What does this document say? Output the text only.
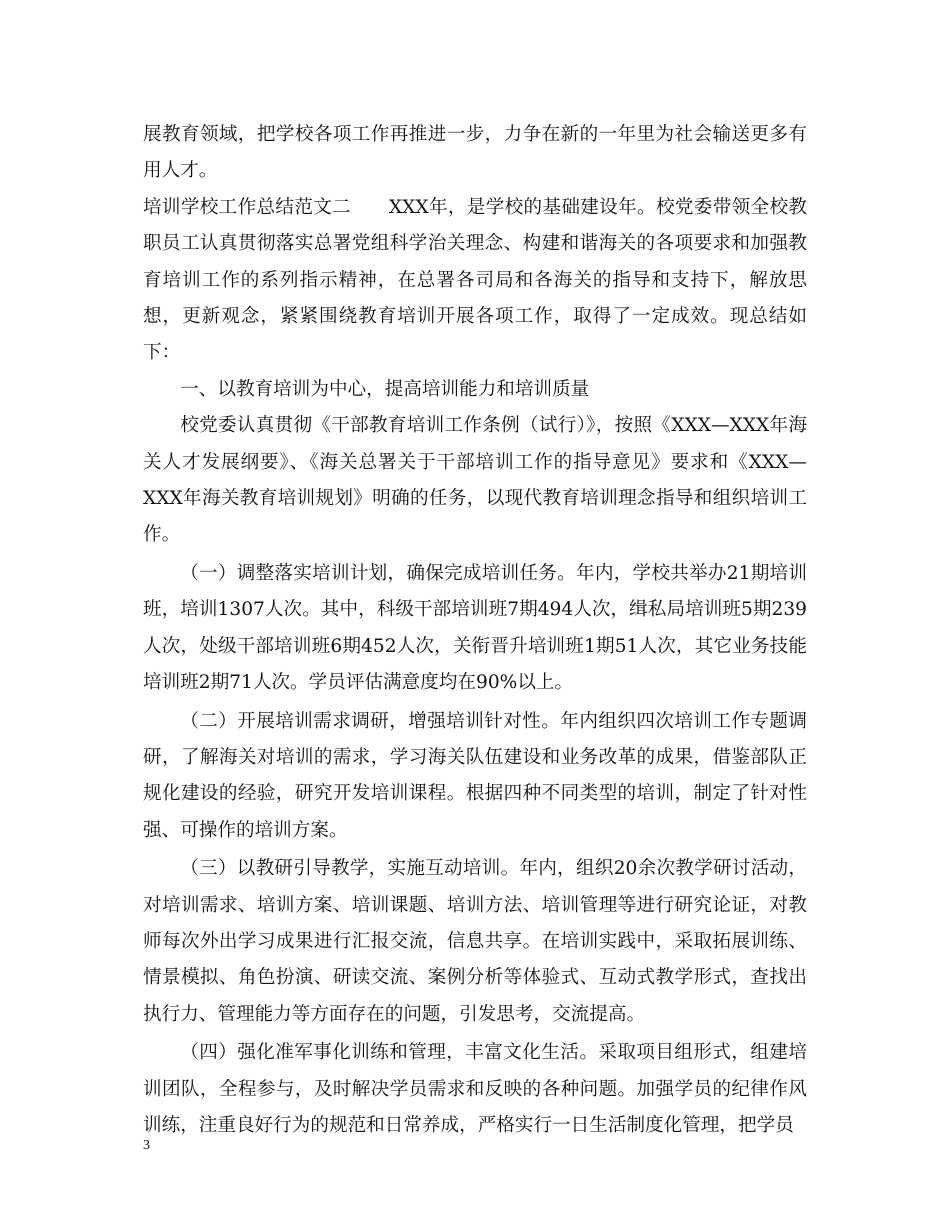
展教育领域，把学校各项工作再推进一步，力争在新的一年里为社会输送更多有用人才。

培训学校工作总结范文二　　XXX年，是学校的基础建设年。校党委带领全校教职员工认真贯彻落实总署党组科学治关理念、构建和谐海关的各项要求和加强教育培训工作的系列指示精神，在总署各司局和各海关的指导和支持下，解放思想，更新观念，紧紧围绕教育培训开展各项工作，取得了一定成效。现总结如下：

一、以教育培训为中心，提高培训能力和培训质量

校党委认真贯彻《干部教育培训工作条例（试行）》，按照《XXX—XXX年海关人才发展纲要》、《海关总署关于干部培训工作的指导意见》要求和《XXX—XXX年海关教育培训规划》明确的任务，以现代教育培训理念指导和组织培训工作。

（一）调整落实培训计划，确保完成培训任务。年内，学校共举办21期培训班，培训1307人次。其中，科级干部培训班7期494人次，缉私局培训班5期239人次，处级干部培训班6期452人次，关衔晋升培训班1期51人次，其它业务技能培训班2期71人次。学员评估满意度均在90%以上。

（二）开展培训需求调研，增强培训针对性。年内组织四次培训工作专题调研，了解海关对培训的需求，学习海关队伍建设和业务改革的成果，借鉴部队正规化建设的经验，研究开发培训课程。根据四种不同类型的培训，制定了针对性强、可操作的培训方案。

（三）以教研引导教学，实施互动培训。年内，组织20余次教学研讨活动，对培训需求、培训方案、培训课题、培训方法、培训管理等进行研究论证，对教师每次外出学习成果进行汇报交流，信息共享。在培训实践中，采取拓展训练、情景模拟、角色扮演、研读交流、案例分析等体验式、互动式教学形式，查找出执行力、管理能力等方面存在的问题，引发思考，交流提高。

（四）强化准军事化训练和管理，丰富文化生活。采取项目组形式，组建培训团队，全程参与，及时解决学员需求和反映的各种问题。加强学员的纪律作风训练，注重良好行为的规范和日常养成，严格实行一日生活制度化管理，把学员

3
